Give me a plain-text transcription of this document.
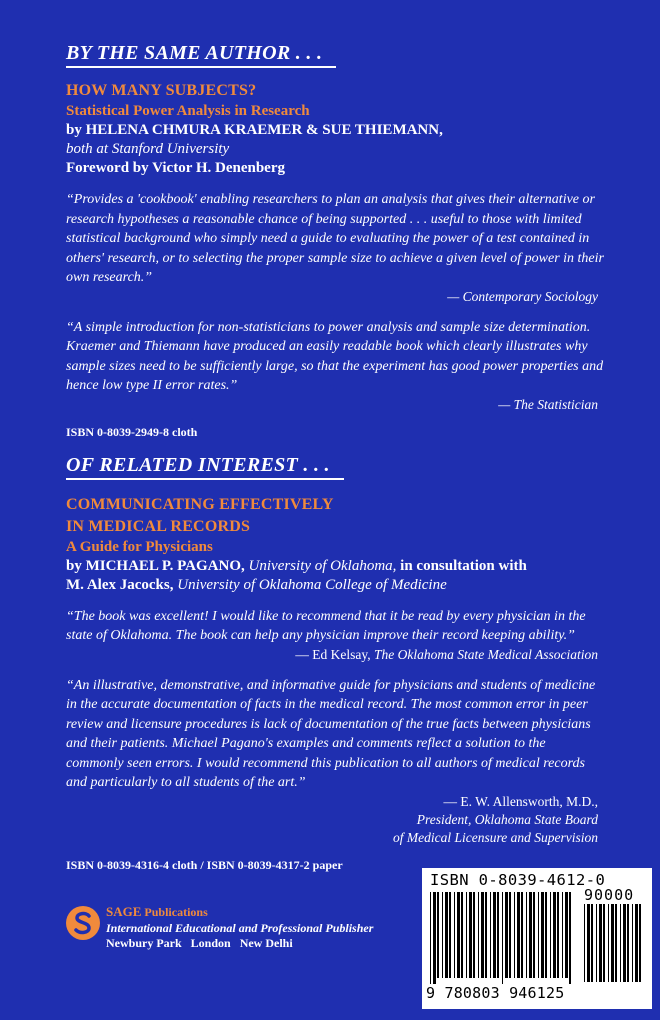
BY THE SAME AUTHOR . . .
HOW MANY SUBJECTS?
Statistical Power Analysis in Research
by HELENA CHMURA KRAEMER & SUE THIEMANN,
both at Stanford University
Foreword by Victor H. Denenberg
“Provides a 'cookbook' enabling researchers to plan an analysis that gives their alternative or research hypotheses a reasonable chance of being supported . . . useful to those with limited statistical background who simply need a guide to evaluating the power of a test contained in others' research, or to selecting the proper sample size to achieve a given level of power in their own research.”
— Contemporary Sociology
“A simple introduction for non-statisticians to power analysis and sample size determination. Kraemer and Thiemann have produced an easily readable book which clearly illustrates why sample sizes need to be sufficiently large, so that the experiment has good power properties and hence low type II error rates.”
— The Statistician
ISBN 0-8039-2949-8 cloth
OF RELATED INTEREST . . .
COMMUNICATING EFFECTIVELY
IN MEDICAL RECORDS
A Guide for Physicians
by MICHAEL P. PAGANO, University of Oklahoma, in consultation with
M. Alex Jacocks, University of Oklahoma College of Medicine
“The book was excellent! I would like to recommend that it be read by every physician in the state of Oklahoma. The book can help any physician improve their record keeping ability.”
— Ed Kelsay, The Oklahoma State Medical Association
“An illustrative, demonstrative, and informative guide for physicians and students of medicine in the accurate documentation of facts in the medical record. The most common error in peer review and licensure procedures is lack of documentation of the true facts between physicians and their patients. Michael Pagano's examples and comments reflect a solution to the commonly seen errors. I would recommend this publication to all authors of medical records and particularly to all students of the art.”
— E. W. Allensworth, M.D.,
President, Oklahoma State Board
of Medical Licensure and Supervision
ISBN 0-8039-4316-4 cloth / ISBN 0-8039-4317-2 paper
SAGE Publications
International Educational and Professional Publisher
Newbury Park   London   New Delhi
ISBN 0-8039-4612-0
90000
9 780803 946125
